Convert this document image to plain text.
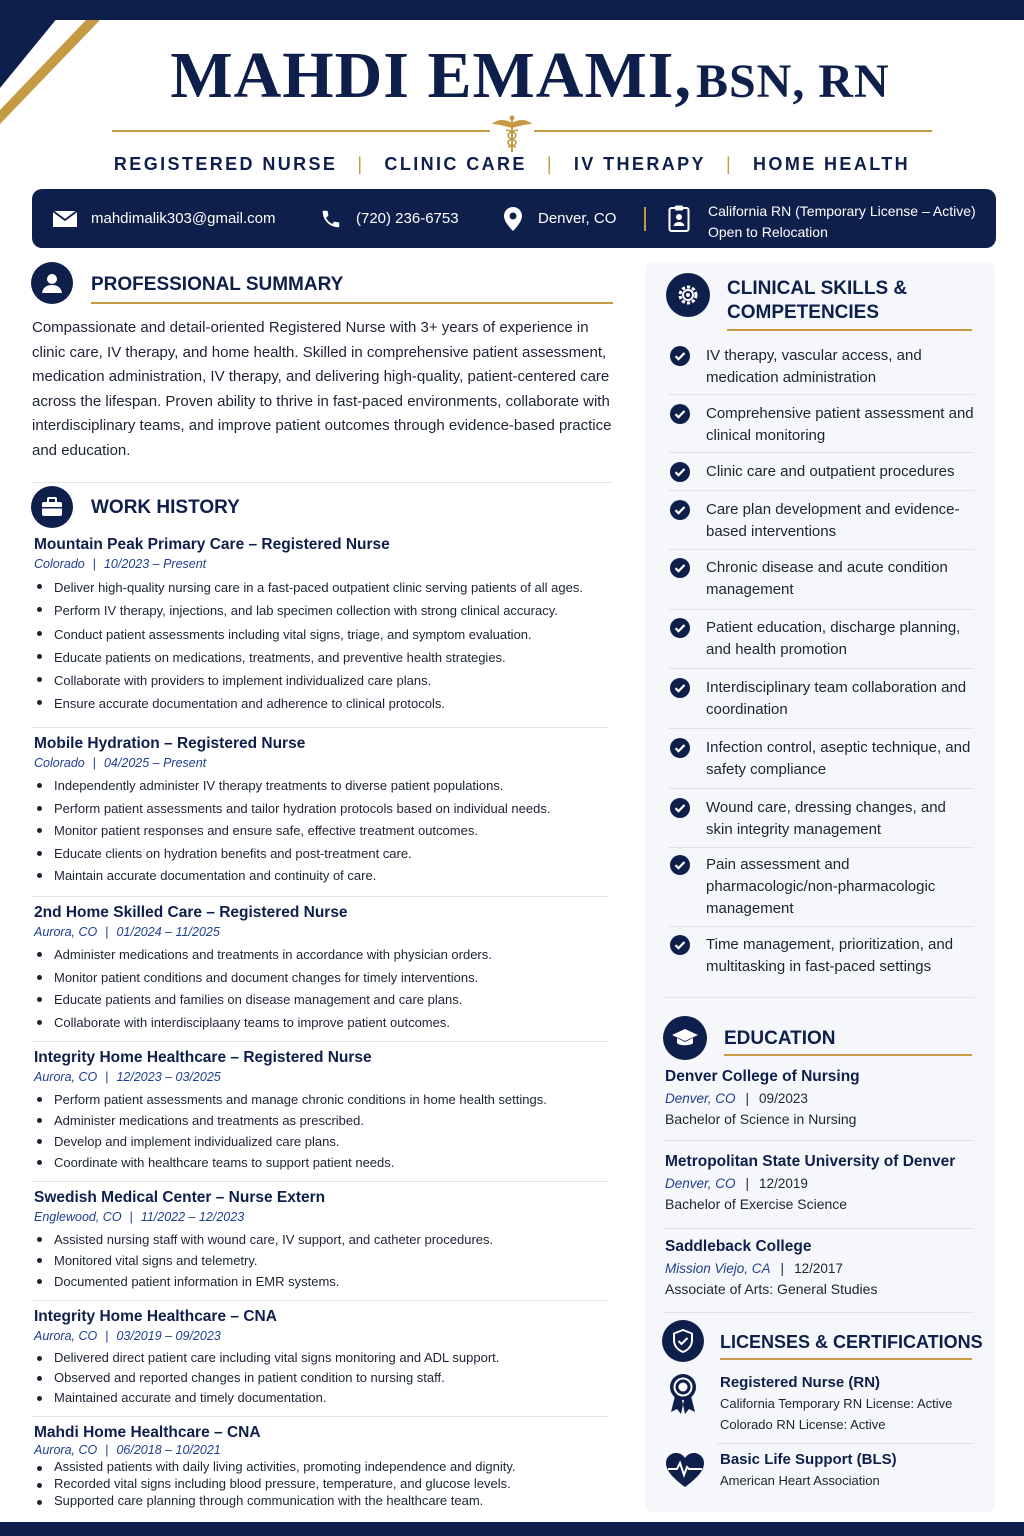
MAHDI EMAMI, BSN, RN
REGISTERED NURSE | CLINIC CARE | IV THERAPY | HOME HEALTH
mahdimalik303@gmail.com	(720) 236-6753	Denver, CO	California RN (Temporary License – Active)
Open to Relocation
PROFESSIONAL SUMMARY
Compassionate and detail-oriented Registered Nurse with 3+ years of experience in clinic care, IV therapy, and home health. Skilled in comprehensive patient assessment, medication administration, IV therapy, and delivering high-quality, patient-centered care across the lifespan. Proven ability to thrive in fast-paced environments, collaborate with interdisciplinary teams, and improve patient outcomes through evidence-based practice and education.
WORK HISTORY
Mountain Peak Primary Care – Registered Nurse
Colorado | 10/2023 – Present
Deliver high-quality nursing care in a fast-paced outpatient clinic serving patients of all ages.
Perform IV therapy, injections, and lab specimen collection with strong clinical accuracy.
Conduct patient assessments including vital signs, triage, and symptom evaluation.
Educate patients on medications, treatments, and preventive health strategies.
Collaborate with providers to implement individualized care plans.
Ensure accurate documentation and adherence to clinical protocols.
Mobile Hydration – Registered Nurse
Colorado | 04/2025 – Present
Independently administer IV therapy treatments to diverse patient populations.
Perform patient assessments and tailor hydration protocols based on individual needs.
Monitor patient responses and ensure safe, effective treatment outcomes.
Educate clients on hydration benefits and post-treatment care.
Maintain accurate documentation and continuity of care.
2nd Home Skilled Care – Registered Nurse
Aurora, CO | 01/2024 – 11/2025
Administer medications and treatments in accordance with physician orders.
Monitor patient conditions and document changes for timely interventions.
Educate patients and families on disease management and care plans.
Collaborate with interdisciplaany teams to improve patient outcomes.
Integrity Home Healthcare – Registered Nurse
Aurora, CO | 12/2023 – 03/2025
Perform patient assessments and manage chronic conditions in home health settings.
Administer medications and treatments as prescribed.
Develop and implement individualized care plans.
Coordinate with healthcare teams to support patient needs.
Swedish Medical Center – Nurse Extern
Englewood, CO | 11/2022 – 12/2023
Assisted nursing staff with wound care, IV support, and catheter procedures.
Monitored vital signs and telemetry.
Documented patient information in EMR systems.
Integrity Home Healthcare – CNA
Aurora, CO | 03/2019 – 09/2023
Delivered direct patient care including vital signs monitoring and ADL support.
Observed and reported changes in patient condition to nursing staff.
Maintained accurate and timely documentation.
Mahdi Home Healthcare – CNA
Aurora, CO | 06/2018 – 10/2021
Assisted patients with daily living activities, promoting independence and dignity.
Recorded vital signs including blood pressure, temperature, and glucose levels.
Supported care planning through communication with the healthcare team.
CLINICAL SKILLS &
COMPETENCIES
IV therapy, vascular access, and medication administration
Comprehensive patient assessment and clinical monitoring
Clinic care and outpatient procedures
Care plan development and evidence-based interventions
Chronic disease and acute condition management
Patient education, discharge planning, and health promotion
Interdisciplinary team collaboration and coordination
Infection control, aseptic technique, and safety compliance
Wound care, dressing changes, and skin integrity management
Pain assessment and pharmacologic/non-pharmacologic management
Time management, prioritization, and multitasking in fast-paced settings
EDUCATION
Denver College of Nursing
Denver, CO | 09/2023
Bachelor of Science in Nursing
Metropolitan State University of Denver
Denver, CO | 12/2019
Bachelor of Exercise Science
Saddleback College
Mission Viejo, CA | 12/2017
Associate of Arts: General Studies
LICENSES & CERTIFICATIONS
Registered Nurse (RN)
California Temporary RN License: Active
Colorado RN License: Active
Basic Life Support (BLS)
American Heart Association
